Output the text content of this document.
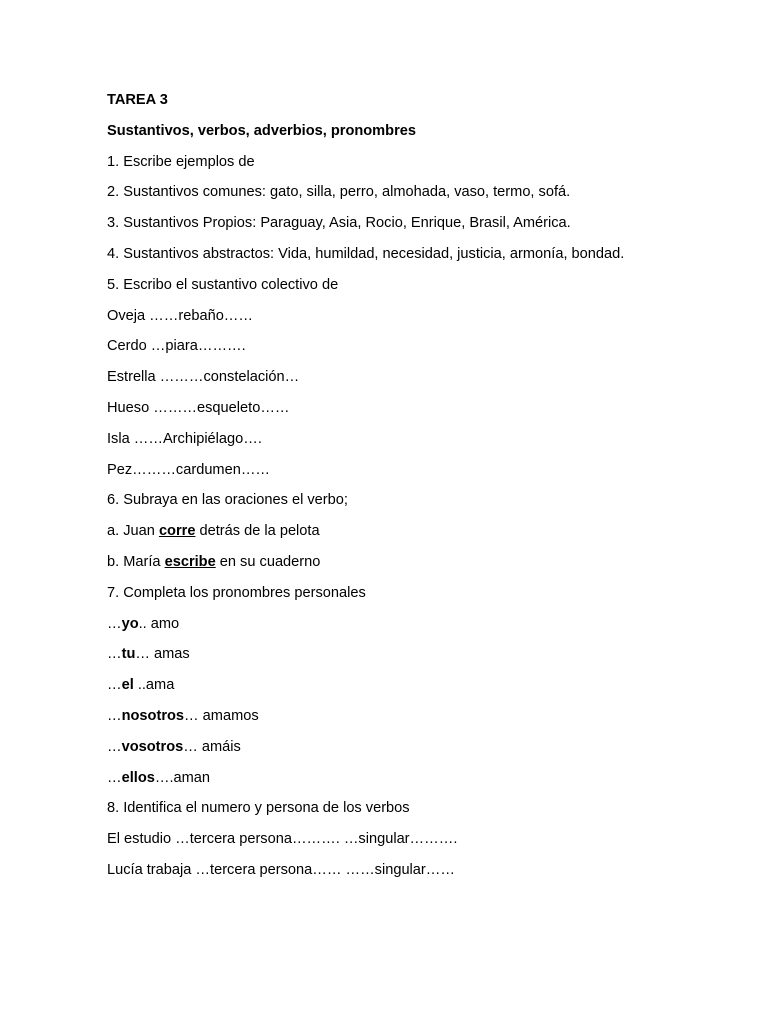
TAREA 3
Sustantivos, verbos, adverbios, pronombres
1. Escribe ejemplos de
2. Sustantivos comunes: gato, silla, perro, almohada, vaso, termo, sofá.
3. Sustantivos Propios: Paraguay, Asia, Rocio, Enrique, Brasil, América.
4. Sustantivos abstractos: Vida, humildad, necesidad, justicia, armonía, bondad.
5. Escribo el sustantivo colectivo de
Oveja ……rebaño……
Cerdo …piara……….
Estrella ………constelación…
Hueso ………esqueleto……
Isla ……Archipiélago….
Pez………cardumen……
6. Subraya en las oraciones el verbo;
a. Juan corre detrás de la pelota
b. María escribe en su cuaderno
7. Completa los pronombres personales
…yo.. amo
…tu… amas
…el ..ama
…nosotros… amamos
…vosotros… amáis
…ellos….aman
8. Identifica el numero y persona de los verbos
El estudio …tercera persona………. …singular……….
Lucía trabaja …tercera persona…… ……singular……
